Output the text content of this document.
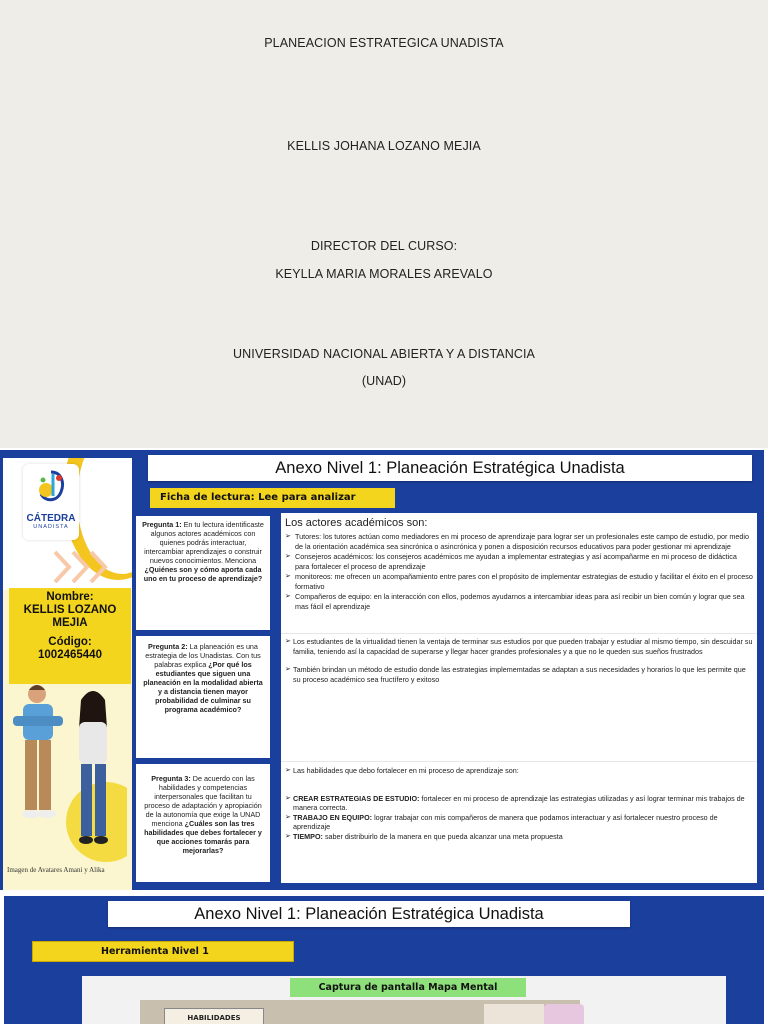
PLANEACION ESTRATEGICA UNADISTA
KELLIS JOHANA LOZANO MEJIA
DIRECTOR DEL CURSO:
KEYLLA MARIA MORALES AREVALO
UNIVERSIDAD NACIONAL ABIERTA Y A DISTANCIA
(UNAD)
CÁTEDRA
UNADISTA
Nombre:
KELLIS LOZANO MEJIA
Código:
1002465440
Imagen de Avatares Amani y Alika
Anexo Nivel 1: Planeación Estratégica Unadista
Ficha de lectura: Lee para analizar
Pregunta 1: En tu lectura identificaste algunos actores académicos con quienes podrás interactuar, intercambiar aprendizajes o construir nuevos conocimientos. Menciona ¿Quiénes son y cómo aporta cada uno en tu proceso de aprendizaje?
Pregunta 2: La planeación es una estrategia de los Unadistas. Con tus palabras explica ¿Por qué los estudiantes que siguen una planeación en la modalidad abierta y a distancia tienen mayor probabilidad de culminar su programa académico?
Pregunta 3: De acuerdo con las habilidades y competencias interpersonales que facilitan tu proceso de adaptación y apropiación de la autonomía que exige la UNAD menciona ¿Cuáles son las tres habilidades que debes fortalecer y que acciones tomarás para mejorarlas?
Los actores académicos son:
➢ Tutores: los tutores actúan como mediadores en mi proceso de aprendizaje para lograr ser un profesionales este campo de estudio, por medio de la orientación académica sea sincrónica o asincrónica y ponen a disposición recursos educativos para poder gestionar mi aprendizaje
➢ Consejeros académicos: los consejeros académicos me ayudan a implementar estrategias y así acompañarme en mi proceso de didáctica para fortalecer el proceso de aprendizaje
➢ monitoreos: me ofrecen un acompañamiento entre pares con el propósito de implementar estrategias de estudio y facilitar el éxito en el proceso formativo
➢ Compañeros de equipo: en la interacción con ellos, podemos ayudarnos a intercambiar ideas para así recibir un bien común y lograr que sea mas fácil el aprendizaje

➢ Los estudiantes de la virtualidad tienen la ventaja de terminar sus estudios por que pueden trabajar y estudiar al mismo tiempo, sin descuidar su familia, teniendo así la capacidad de superarse y llegar hacer grandes profesionales y a que no le queden sus sueños frustrados

➢ También brindan un método de estudio donde las estrategias implememtadas se adaptan a sus necesidades y horarios lo que les permite que su proceso académico sea fructífero y exitoso

➢ Las habilidades que debo fortalecer en mi proceso de aprendizaje son:

➢ CREAR ESTRATEGIAS DE ESTUDIO: fortalecer en mi proceso de aprendizaje las estrategias utilizadas y así lograr terminar mis trabajos de manera correcta.

➢ TRABAJO EN EQUIPO: lograr trabajar con mis compañeros de manera que podamos interactuar y así fortalecer nuestro proceso de aprendizaje

➢ TIEMPO: saber distribuirlo de la manera en que pueda alcanzar una meta propuesta

Anexo Nivel 1: Planeación Estratégica Unadista
Herramienta Nivel 1
HABILIDADES
Captura de pantalla Mapa Mental
